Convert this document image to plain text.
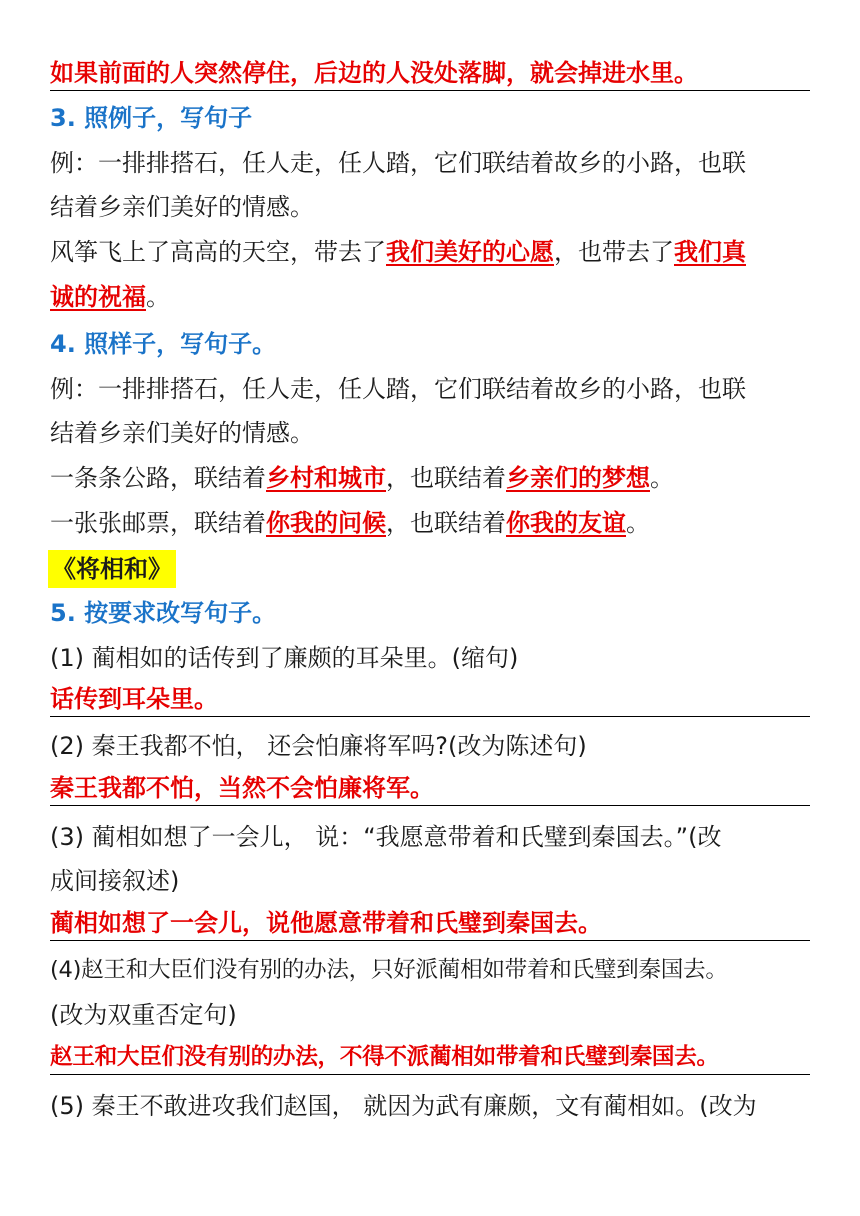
如果前面的人突然停住，后边的人没处落脚，就会掉进水里。
3. 照例子，写句子
例：一排排搭石，任人走，任人踏，它们联结着故乡的小路，也联
结着乡亲们美好的情感。
风筝飞上了高高的天空，带去了我们美好的心愿，也带去了我们真
诚的祝福。
4. 照样子，写句子。
例：一排排搭石，任人走，任人踏，它们联结着故乡的小路，也联
结着乡亲们美好的情感。
一条条公路，联结着乡村和城市，也联结着乡亲们的梦想。
一张张邮票，联结着你我的问候，也联结着你我的友谊。
《将相和》
5. 按要求改写句子。
(1) 蔺相如的话传到了廉颇的耳朵里。(缩句)
话传到耳朵里。
(2) 秦王我都不怕， 还会怕廉将军吗?(改为陈述句)
秦王我都不怕，当然不会怕廉将军。
(3) 蔺相如想了一会儿， 说：“我愿意带着和氏璧到秦国去。”(改
成间接叙述)
蔺相如想了一会儿，说他愿意带着和氏璧到秦国去。
(4)赵王和大臣们没有别的办法，只好派蔺相如带着和氏璧到秦国去。
(改为双重否定句)
赵王和大臣们没有别的办法，不得不派蔺相如带着和氏璧到秦国去。
(5) 秦王不敢进攻我们赵国， 就因为武有廉颇，文有蔺相如。(改为
